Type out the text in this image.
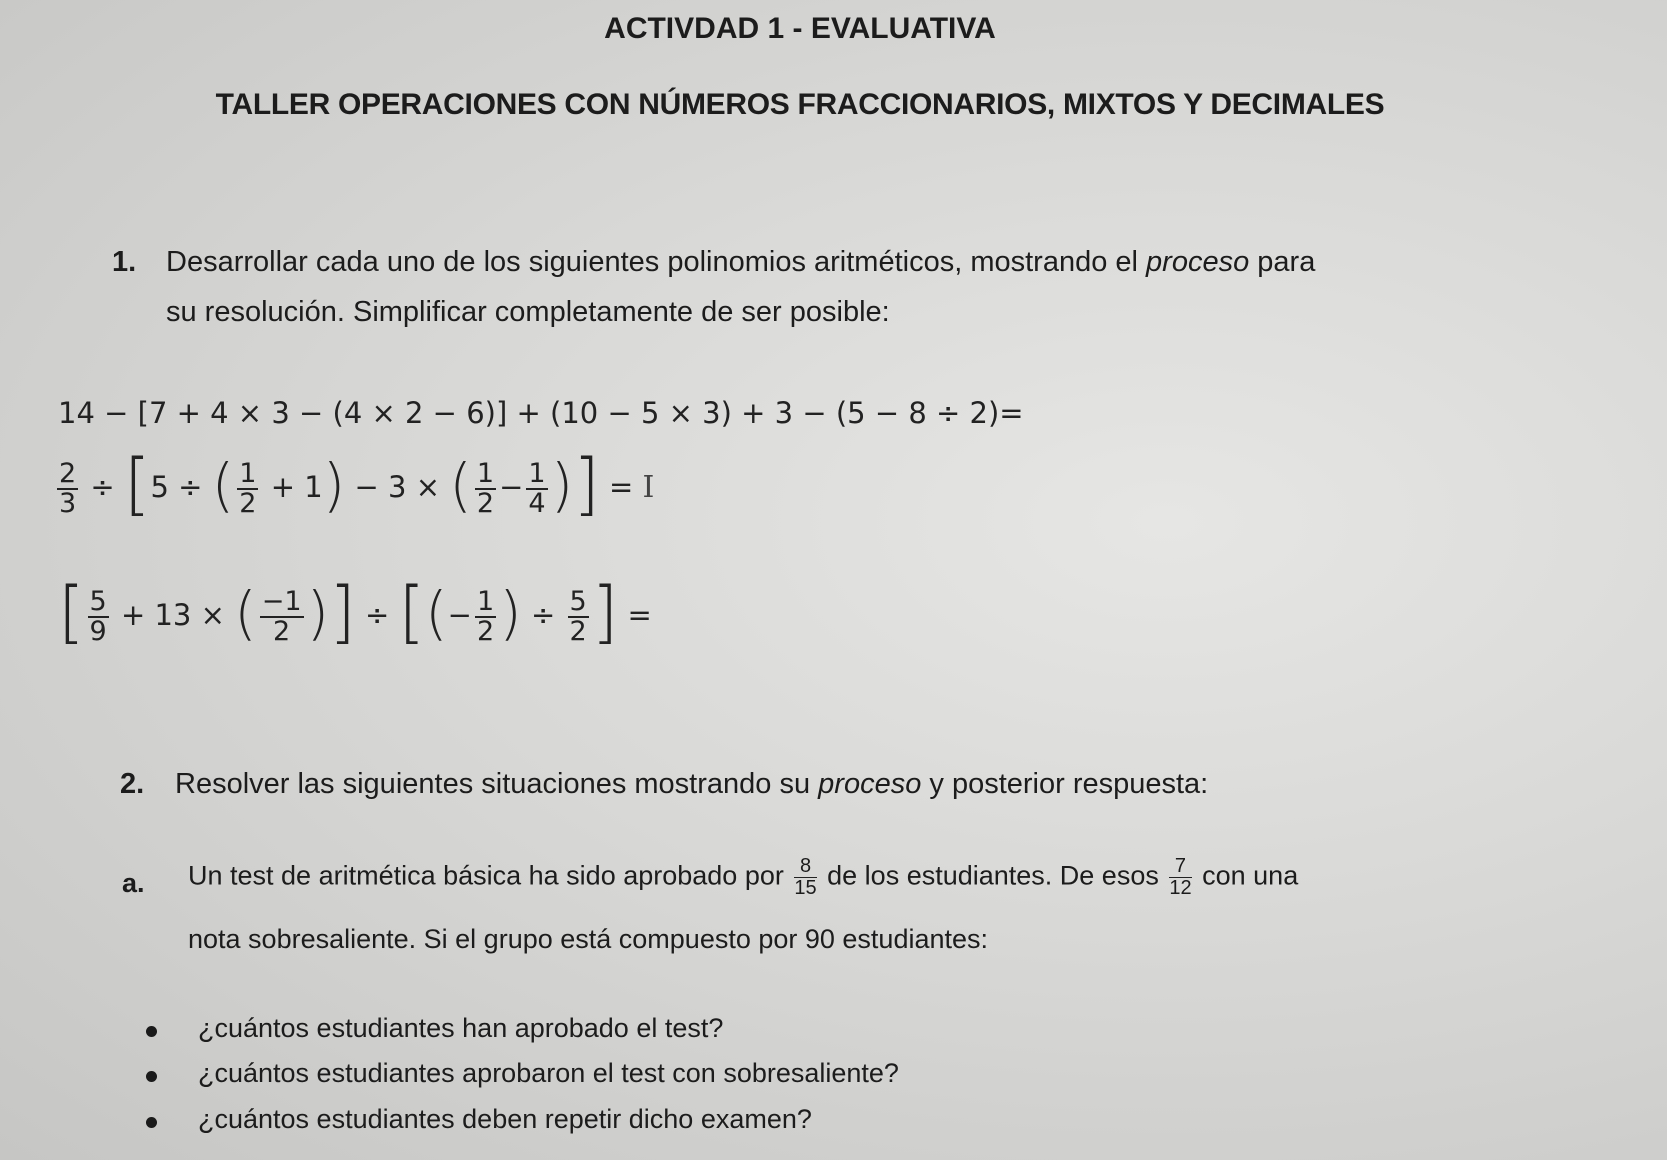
ACTIVDAD 1 - EVALUATIVA
TALLER OPERACIONES CON NÚMEROS FRACCIONARIOS, MIXTOS Y DECIMALES
1. Desarrollar cada uno de los siguientes polinomios aritméticos, mostrando el proceso para
su resolución. Simplificar completamente de ser posible:
14 − [7 + 4 × 3 − (4 × 2 − 6)] + (10 − 5 × 3) + 3 − (5 − 8 ÷ 2)=
$\frac{2}{3} \div [5$ ÷ ( $\frac{1}{2} + 1) - 3$ × ( $\frac{1}{2} - \frac{1}{4}$ )] = I
[ $\frac{5}{9} + 13$ × ( $\frac{-1}{2}$ )] ÷ [(− $\frac{1}{2}$ ) ÷ $\frac{5}{2}$ ] =
2. Resolver las siguientes situaciones mostrando su proceso y posterior respuesta:
a. Un test de aritmética básica ha sido aprobado por $\frac{8}{15}$ de los estudiantes. De esos $\frac{7}{12}$ con una
nota sobresaliente. Si el grupo está compuesto por 90 estudiantes:
¿cuántos estudiantes han aprobado el test?
¿cuántos estudiantes aprobaron el test con sobresaliente?
¿cuántos estudiantes deben repetir dicho examen?
